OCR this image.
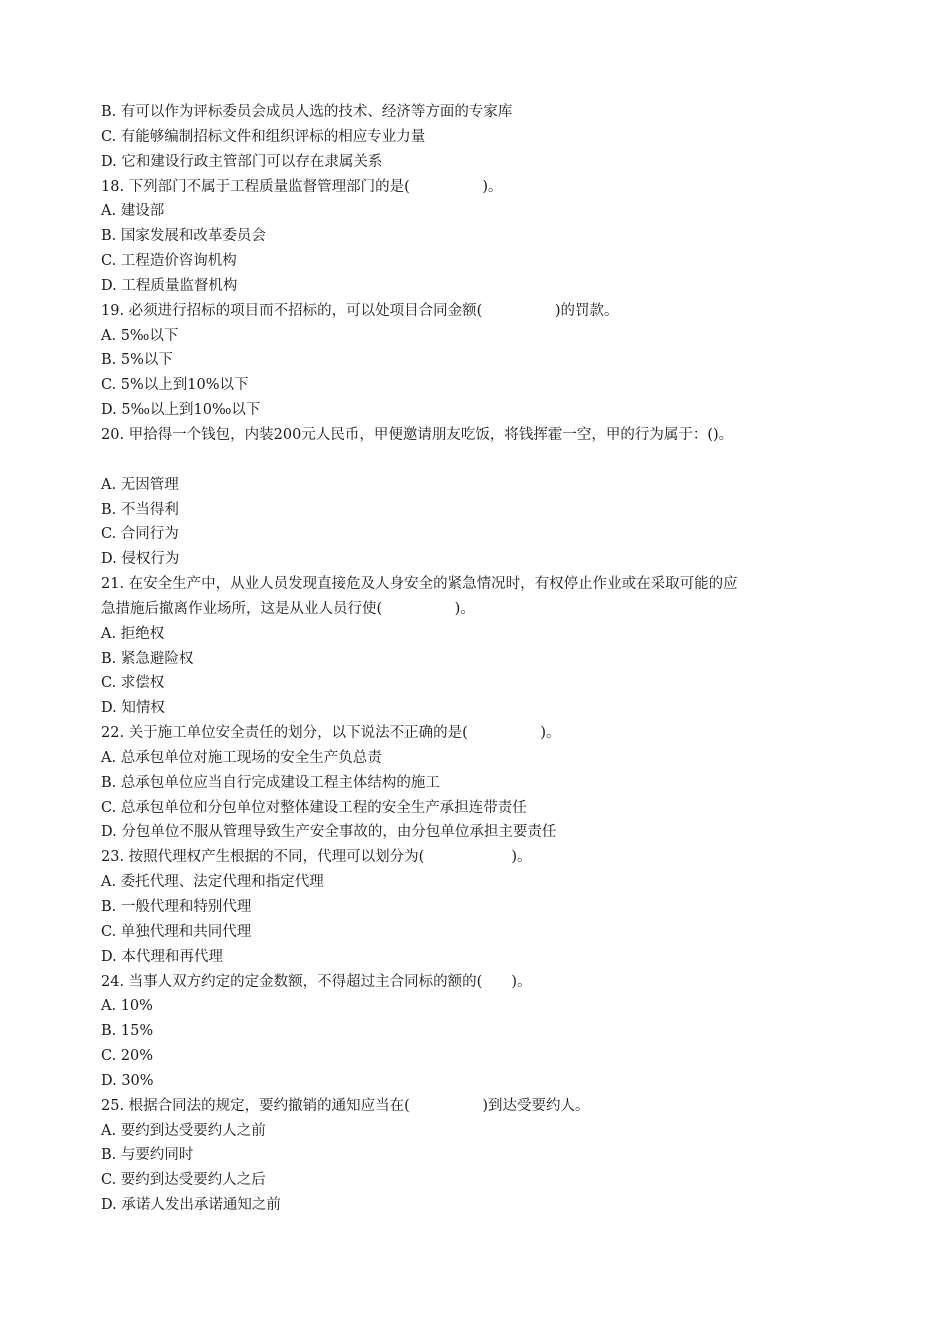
B. 有可以作为评标委员会成员人选的技术、经济等方面的专家库
C. 有能够编制招标文件和组织评标的相应专业力量
D. 它和建设行政主管部门可以存在隶属关系
18. 下列部门不属于工程质量监督管理部门的是(　　　　　)。
A. 建设部
B. 国家发展和改革委员会
C. 工程造价咨询机构
D. 工程质量监督机构
19. 必须进行招标的项目而不招标的，可以处项目合同金额(　　　　　)的罚款。
A. 5‰以下
B. 5%以下
C. 5%以上到10%以下
D. 5‰以上到10‰以下
20. 甲拾得一个钱包，内装200元人民币，甲便邀请朋友吃饭，将钱挥霍一空，甲的行为属于：()。
A. 无因管理
B. 不当得利
C. 合同行为
D. 侵权行为
21. 在安全生产中，从业人员发现直接危及人身安全的紧急情况时，有权停止作业或在采取可能的应
急措施后撤离作业场所，这是从业人员行使(　　　　　)。
A. 拒绝权
B. 紧急避险权
C. 求偿权
D. 知情权
22. 关于施工单位安全责任的划分，以下说法不正确的是(　　　　　)。
A. 总承包单位对施工现场的安全生产负总责
B. 总承包单位应当自行完成建设工程主体结构的施工
C. 总承包单位和分包单位对整体建设工程的安全生产承担连带责任
D. 分包单位不服从管理导致生产安全事故的，由分包单位承担主要责任
23. 按照代理权产生根据的不同，代理可以划分为(　　　　　　)。
A. 委托代理、法定代理和指定代理
B. 一般代理和特别代理
C. 单独代理和共同代理
D. 本代理和再代理
24. 当事人双方约定的定金数额，不得超过主合同标的额的(　　)。
A. 10%
B. 15%
C. 20%
D. 30%
25. 根据合同法的规定，要约撤销的通知应当在(　　　　　)到达受要约人。
A. 要约到达受要约人之前
B. 与要约同时
C. 要约到达受要约人之后
D. 承诺人发出承诺通知之前
